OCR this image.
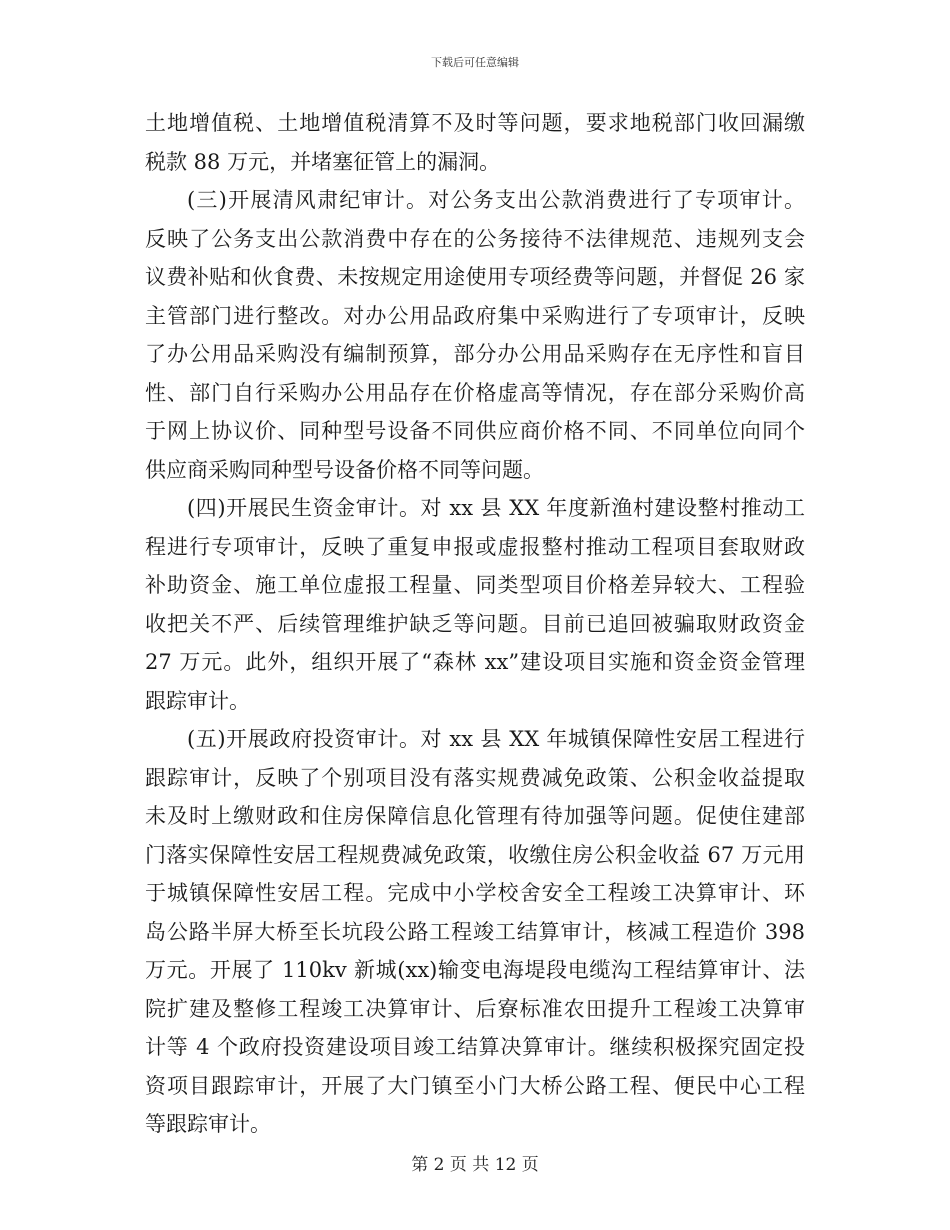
下载后可任意编辑
土地增值税、土地增值税清算不及时等问题，要求地税部门收回漏缴
税款 88 万元，并堵塞征管上的漏洞。
(三)开展清风肃纪审计。对公务支出公款消费进行了专项审计。
反映了公务支出公款消费中存在的公务接待不法律规范、违规列支会
议费补贴和伙食费、未按规定用途使用专项经费等问题，并督促 26 家
主管部门进行整改。对办公用品政府集中采购进行了专项审计，反映
了办公用品采购没有编制预算，部分办公用品采购存在无序性和盲目
性、部门自行采购办公用品存在价格虚高等情况，存在部分采购价高
于网上协议价、同种型号设备不同供应商价格不同、不同单位向同个
供应商采购同种型号设备价格不同等问题。
(四)开展民生资金审计。对 xx 县 XX 年度新渔村建设整村推动工
程进行专项审计，反映了重复申报或虚报整村推动工程项目套取财政
补助资金、施工单位虚报工程量、同类型项目价格差异较大、工程验
收把关不严、后续管理维护缺乏等问题。目前已追回被骗取财政资金
27 万元。此外，组织开展了“森林 xx”建设项目实施和资金资金管理
跟踪审计。
(五)开展政府投资审计。对 xx 县 XX 年城镇保障性安居工程进行
跟踪审计，反映了个别项目没有落实规费减免政策、公积金收益提取
未及时上缴财政和住房保障信息化管理有待加强等问题。促使住建部
门落实保障性安居工程规费减免政策，收缴住房公积金收益 67 万元用
于城镇保障性安居工程。完成中小学校舍安全工程竣工决算审计、环
岛公路半屏大桥至长坑段公路工程竣工结算审计，核减工程造价 398
万元。开展了 110kv 新城(xx)输变电海堤段电缆沟工程结算审计、法
院扩建及整修工程竣工决算审计、后寮标准农田提升工程竣工决算审
计等 4 个政府投资建设项目竣工结算决算审计。继续积极探究固定投
资项目跟踪审计，开展了大门镇至小门大桥公路工程、便民中心工程
等跟踪审计。
第 2 页 共 12 页
